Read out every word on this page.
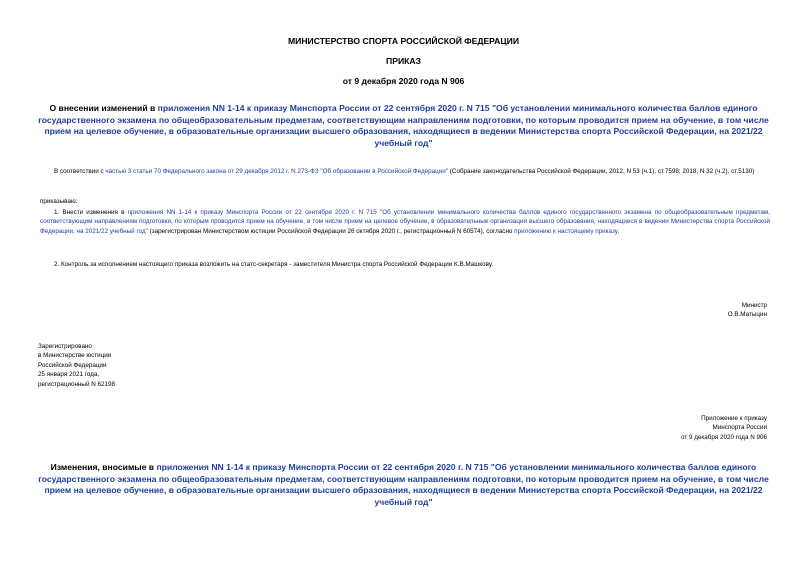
МИНИСТЕРСТВО СПОРТА РОССИЙСКОЙ ФЕДЕРАЦИИ
ПРИКАЗ
от 9 декабря 2020 года N 906
О внесении изменений в приложения NN 1-14 к приказу Минспорта России от 22 сентября 2020 г. N 715 "Об установлении минимального количества баллов единого государственного экзамена по общеобразовательным предметам, соответствующим направлениям подготовки, по которым проводится прием на обучение, в том числе прием на целевое обучение, в образовательные организации высшего образования, находящиеся в ведении Министерства спорта Российской Федерации, на 2021/22 учебный год"
В соответствии с частью 3 статьи 70 Федерального закона от 29 декабря 2012 г. N 273-ФЗ "Об образовании в Российской Федерации" (Собрание законодательства Российской Федерации, 2012, N 53 (ч.1), ст.7598; 2018, N 32 (ч.2), ст.5130)
приказываю:
1. Внести изменения в приложения NN 1-14 к приказу Минспорта России от 22 сентября 2020 г. N 715 "Об установлении минимального количества баллов единого государственного экзамена по общеобразовательным предметам, соответствующим направлениям подготовки, по которым проводится прием на обучение, в том числе прием на целевое обучение, в образовательные организации высшего образования, находящиеся в ведении Министерства спорта Российской Федерации, на 2021/22 учебный год" (зарегистрирован Министерством юстиции Российской Федерации 26 октября 2020 г., регистрационный N 60574), согласно приложению к настоящему приказу.
2. Контроль за исполнением настоящего приказа возложить на статс-секретаря - заместителя Министра спорта Российской Федерации К.В.Машкову.
Министр
О.В.Матыцин
Зарегистрировано
в Министерстве юстиции
Российской Федерации
25 января 2021 года,
регистрационный N 62198
Приложение к приказу
Минспорта России
от 9 декабря 2020 года N 906
Изменения, вносимые в приложения NN 1-14 к приказу Минспорта России от 22 сентября 2020 г. N 715 "Об установлении минимального количества баллов единого государственного экзамена по общеобразовательным предметам, соответствующим направлениям подготовки, по которым проводится прием на обучение, в том числе прием на целевое обучение, в образовательные организации высшего образования, находящиеся в ведении Министерства спорта Российской Федерации, на 2021/22 учебный год"
